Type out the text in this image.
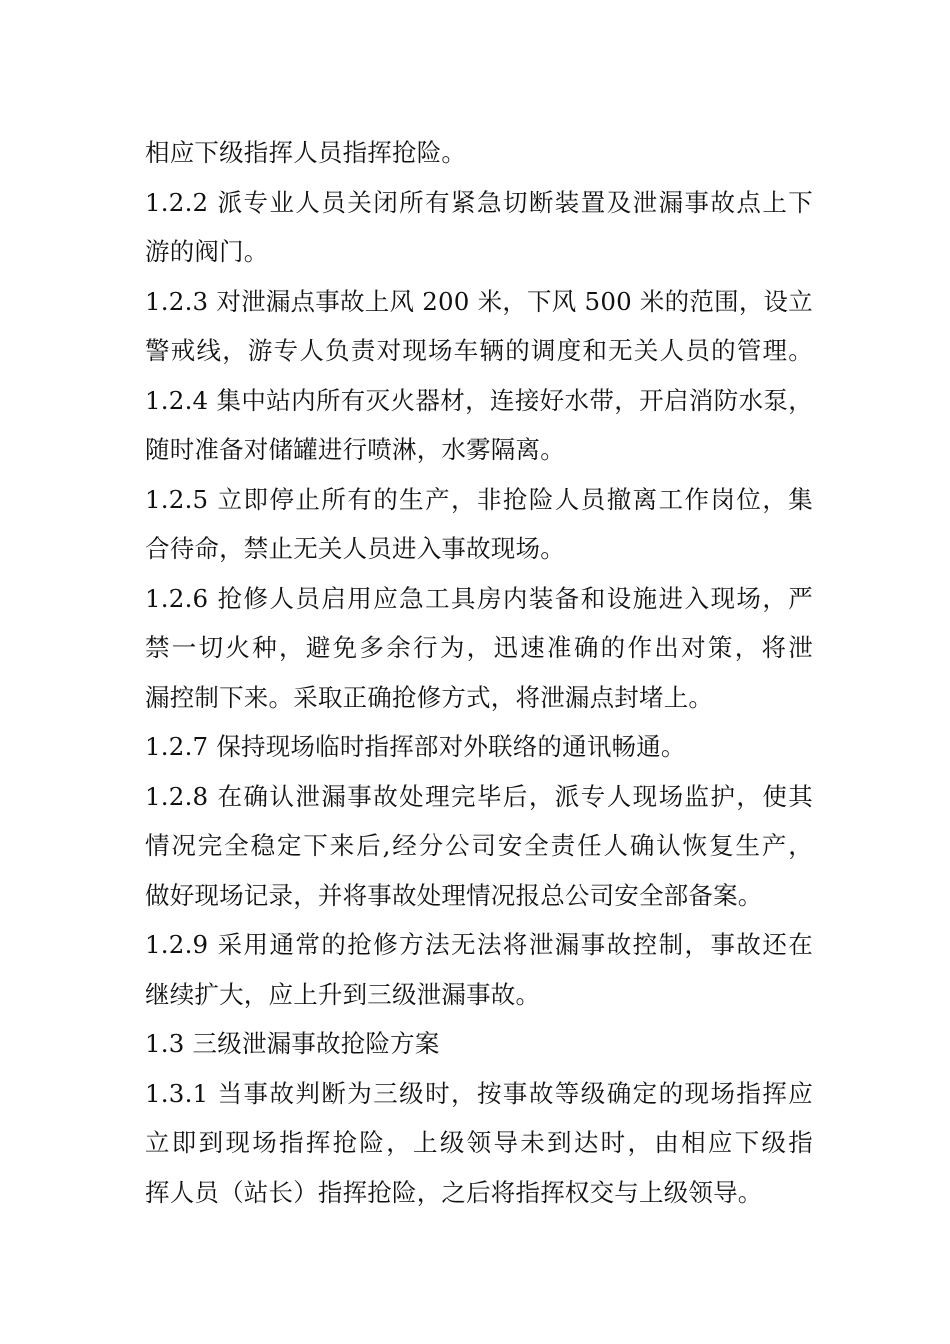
相应下级指挥人员指挥抢险。
1.2.2 派专业人员关闭所有紧急切断装置及泄漏事故点上下
游的阀门。
1.2.3 对泄漏点事故上风 200 米，下风 500 米的范围，设立
警戒线，游专人负责对现场车辆的调度和无关人员的管理。
1.2.4 集中站内所有灭火器材，连接好水带，开启消防水泵，
随时准备对储罐进行喷淋，水雾隔离。
1.2.5 立即停止所有的生产，非抢险人员撤离工作岗位，集
合待命，禁止无关人员进入事故现场。
1.2.6 抢修人员启用应急工具房内装备和设施进入现场，严
禁一切火种，避免多余行为，迅速准确的作出对策，将泄
漏控制下来。采取正确抢修方式，将泄漏点封堵上。
1.2.7 保持现场临时指挥部对外联络的通讯畅通。
1.2.8 在确认泄漏事故处理完毕后，派专人现场监护，使其
情况完全稳定下来后,经分公司安全责任人确认恢复生产，
做好现场记录，并将事故处理情况报总公司安全部备案。
1.2.9 采用通常的抢修方法无法将泄漏事故控制，事故还在
继续扩大，应上升到三级泄漏事故。
1.3 三级泄漏事故抢险方案
1.3.1 当事故判断为三级时，按事故等级确定的现场指挥应
立即到现场指挥抢险，上级领导未到达时，由相应下级指
挥人员（站长）指挥抢险，之后将指挥权交与上级领导。
